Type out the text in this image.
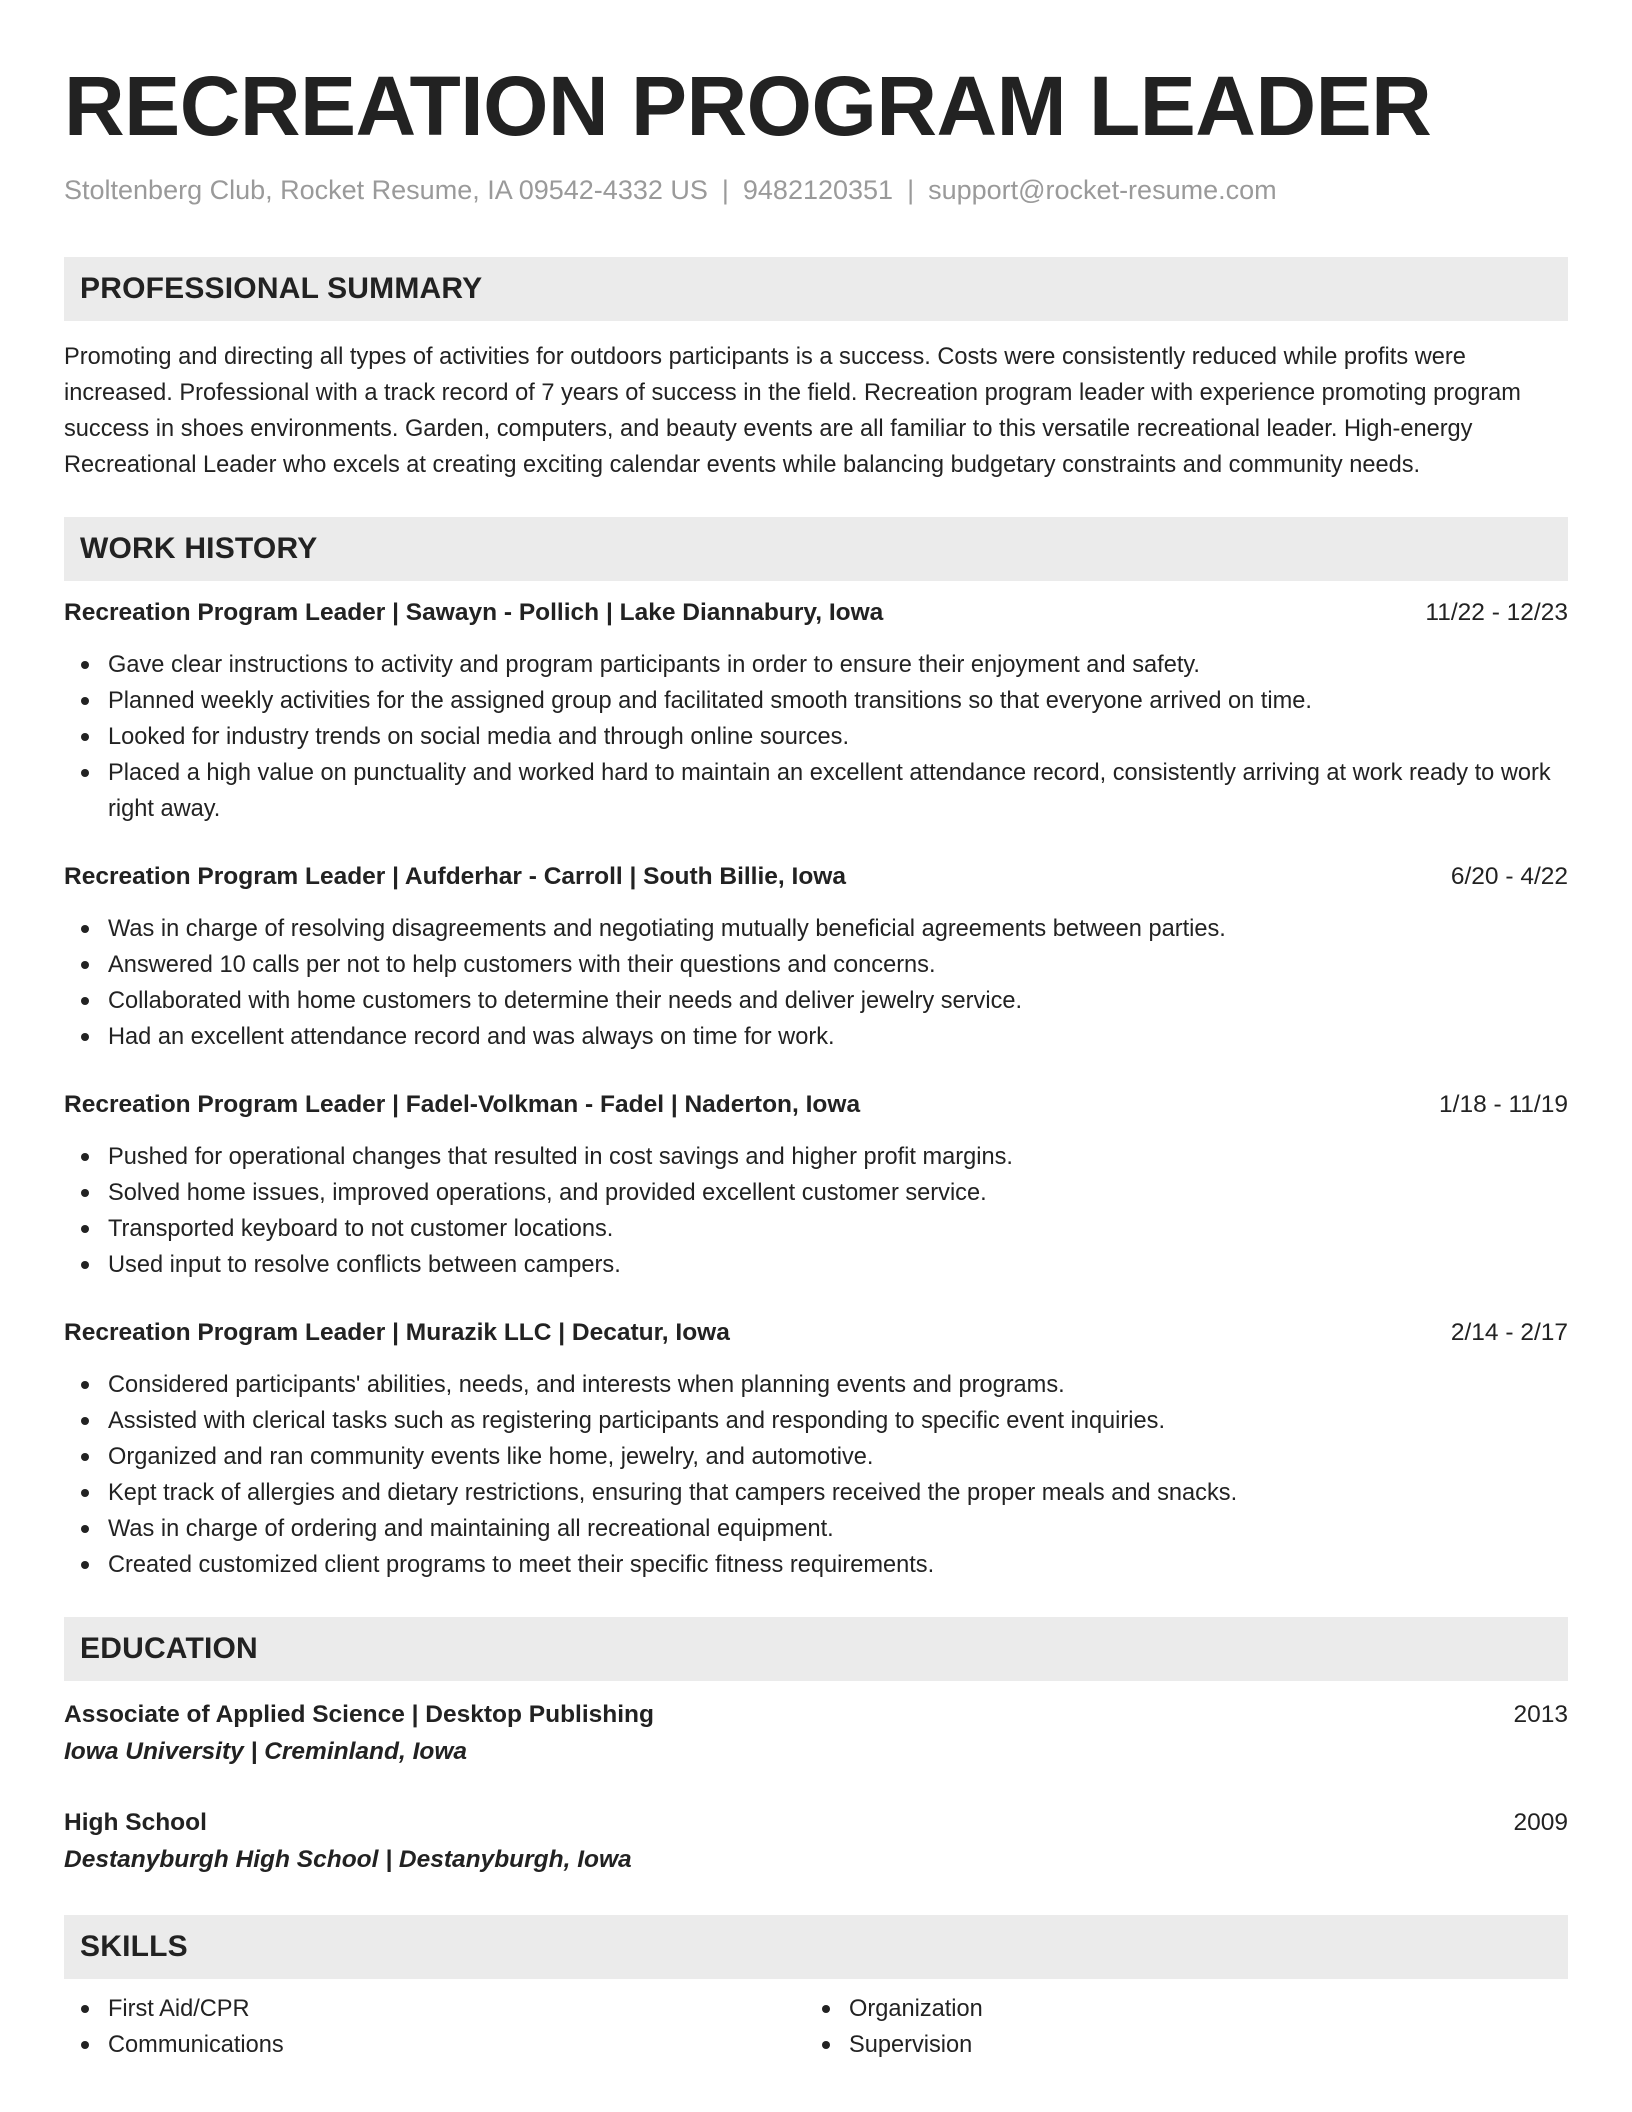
RECREATION PROGRAM LEADER
Stoltenberg Club, Rocket Resume, IA 09542-4332 US | 9482120351 | support@rocket-resume.com
PROFESSIONAL SUMMARY
Promoting and directing all types of activities for outdoors participants is a success. Costs were consistently reduced while profits were increased. Professional with a track record of 7 years of success in the field. Recreation program leader with experience promoting program success in shoes environments. Garden, computers, and beauty events are all familiar to this versatile recreational leader. High-energy Recreational Leader who excels at creating exciting calendar events while balancing budgetary constraints and community needs.
WORK HISTORY
Recreation Program Leader | Sawayn - Pollich | Lake Diannabury, Iowa	11/22 - 12/23
Gave clear instructions to activity and program participants in order to ensure their enjoyment and safety.
Planned weekly activities for the assigned group and facilitated smooth transitions so that everyone arrived on time.
Looked for industry trends on social media and through online sources.
Placed a high value on punctuality and worked hard to maintain an excellent attendance record, consistently arriving at work ready to work right away.
Recreation Program Leader | Aufderhar - Carroll | South Billie, Iowa	6/20 - 4/22
Was in charge of resolving disagreements and negotiating mutually beneficial agreements between parties.
Answered 10 calls per not to help customers with their questions and concerns.
Collaborated with home customers to determine their needs and deliver jewelry service.
Had an excellent attendance record and was always on time for work.
Recreation Program Leader | Fadel-Volkman - Fadel | Naderton, Iowa	1/18 - 11/19
Pushed for operational changes that resulted in cost savings and higher profit margins.
Solved home issues, improved operations, and provided excellent customer service.
Transported keyboard to not customer locations.
Used input to resolve conflicts between campers.
Recreation Program Leader | Murazik LLC | Decatur, Iowa	2/14 - 2/17
Considered participants' abilities, needs, and interests when planning events and programs.
Assisted with clerical tasks such as registering participants and responding to specific event inquiries.
Organized and ran community events like home, jewelry, and automotive.
Kept track of allergies and dietary restrictions, ensuring that campers received the proper meals and snacks.
Was in charge of ordering and maintaining all recreational equipment.
Created customized client programs to meet their specific fitness requirements.
EDUCATION
Associate of Applied Science | Desktop Publishing	2013
Iowa University | Creminland, Iowa
High School	2009
Destanyburgh High School | Destanyburgh, Iowa
SKILLS
First Aid/CPR
Communications
Organization
Supervision
